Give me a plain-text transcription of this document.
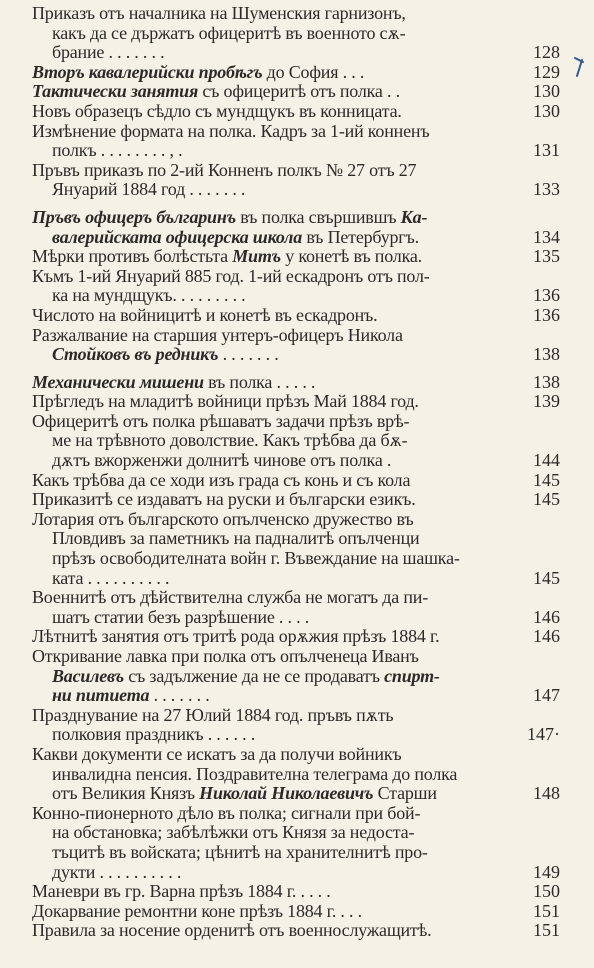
Приказъ отъ началника на Шуменския гарнизонъ,
какъ да се държатъ офицеритѣ въ военното сѫ-
брание . . . . . . .	128
Вторъ кавалерийски пробѣгъ до София . . .	129
Тактически занятия съ офицеритѣ отъ полка . .	130
Новъ образецъ сѣдло съ мундщукъ въ конницата.	130
Измѣнение формата на полка. Кадръ за 1-ий конненъ
полкъ . . . . . . . . , .	131
Пръвъ приказъ по 2-ий Конненъ полкъ № 27 отъ 27
Януарий 1884 год . . . . . . .	133
Пръвъ офицеръ българинъ въ полка свършившъ Ка-
валерийската офицерска школа въ Петербургъ.	134
Мѣрки противъ болѣстьта Митъ у конетѣ въ полка.	135
Къмъ 1-ий Януарий 885 год. 1-ий ескадронъ отъ пол-
ка на мундщукъ. . . . . . . . .	136
Числото на войницитѣ и конетѣ въ ескадронъ.	136
Разжалвание на старшия унтеръ-офицеръ Никола
Стойковъ въ редникъ . . . . . . .	138
Механически мишени въ полка . . . . .	138
Прѣгледъ на младитѣ войници прѣзъ Май 1884 год.	139
Офицеритѣ отъ полка рѣшаватъ задачи прѣзъ врѣ-
ме на трѣвното доволствие. Какъ трѣбва да бѫ-
дѫтъ вжорженжи долнитѣ чинове отъ полка .	144
Какъ трѣбва да се ходи изъ града съ конь и съ кола	145
Приказитѣ се издаватъ на руски и български езикъ.	145
Лотария отъ българското опълченско дружество въ
Пловдивъ за паметникъ на падналитѣ опълченци
прѣзъ освободителната войн г. Въвеждание на шашка-
ката . . . . . . . . . .	145
Военнитѣ отъ дѣйствителна служба не могатъ да пи-
шатъ статии безъ разрѣшение . . . .	146
Лѣтнитѣ занятия отъ тритѣ рода орѫжия прѣзъ 1884 г.	146
Откривание лавка при полка отъ опълченеца Иванъ
Василевъ съ задължение да не се продаватъ спирт-
ни питиета . . . . . . .	147
Празднувание на 27 Юлий 1884 год. пръвъ пѫть
полковия праздникъ . . . . . .	147·
Какви документи се искатъ за да получи войникъ
инвалидна пенсия. Поздравителна телеграма до полка
отъ Великия Князъ Николай Николаевичъ Старши	148
Конно-пионерното дѣло въ полка; сигнали при бой-
на обстановка; забѣлѣжки отъ Князя за недоста-
тъцитѣ въ войската; цѣнитѣ на хранителнитѣ про-
дукти . . . . . . . . . .	149
Маневри въ гр. Варна прѣзъ 1884 г. . . . .	150
Докарвание ремонтни коне прѣзъ 1884 г. . . .	151
Правила за носение орденитѣ отъ военнослужащитѣ.	151
